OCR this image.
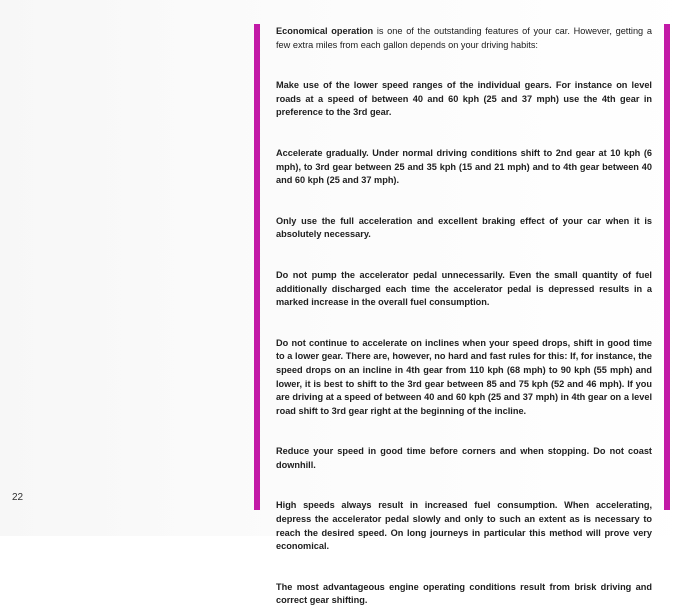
22

Economical operation is one of the outstanding features of your car. However, getting a few extra miles from each gallon depends on your driving habits:

Make use of the lower speed ranges of the individual gears. For instance on level roads at a speed of between 40 and 60 kph (25 and 37 mph) use the 4th gear in preference to the 3rd gear.

Accelerate gradually. Under normal driving conditions shift to 2nd gear at 10 kph (6 mph), to 3rd gear between 25 and 35 kph (15 and 21 mph) and to 4th gear between 40 and 60 kph (25 and 37 mph).

Only use the full acceleration and excellent braking effect of your car when it is absolutely necessary.

Do not pump the accelerator pedal unnecessarily. Even the small quantity of fuel additionally discharged each time the accelerator pedal is depressed results in a marked increase in the overall fuel consumption.

Do not continue to accelerate on inclines when your speed drops, shift in good time to a lower gear. There are, however, no hard and fast rules for this: If, for instance, the speed drops on an incline in 4th gear from 110 kph (68 mph) to 90 kph (55 mph) and lower, it is best to shift to the 3rd gear between 85 and 75 kph (52 and 46 mph). If you are driving at a speed of between 40 and 60 kph (25 and 37 mph) in 4th gear on a level road shift to 3rd gear right at the beginning of the incline.

Reduce your speed in good time before corners and when stopping. Do not coast downhill.

High speeds always result in increased fuel consumption. When accelerating, depress the accelerator pedal slowly and only to such an extent as is necessary to reach the desired speed. On long journeys in particular this method will prove very economical.

The most advantageous engine operating conditions result from brisk driving and correct gear shifting.
